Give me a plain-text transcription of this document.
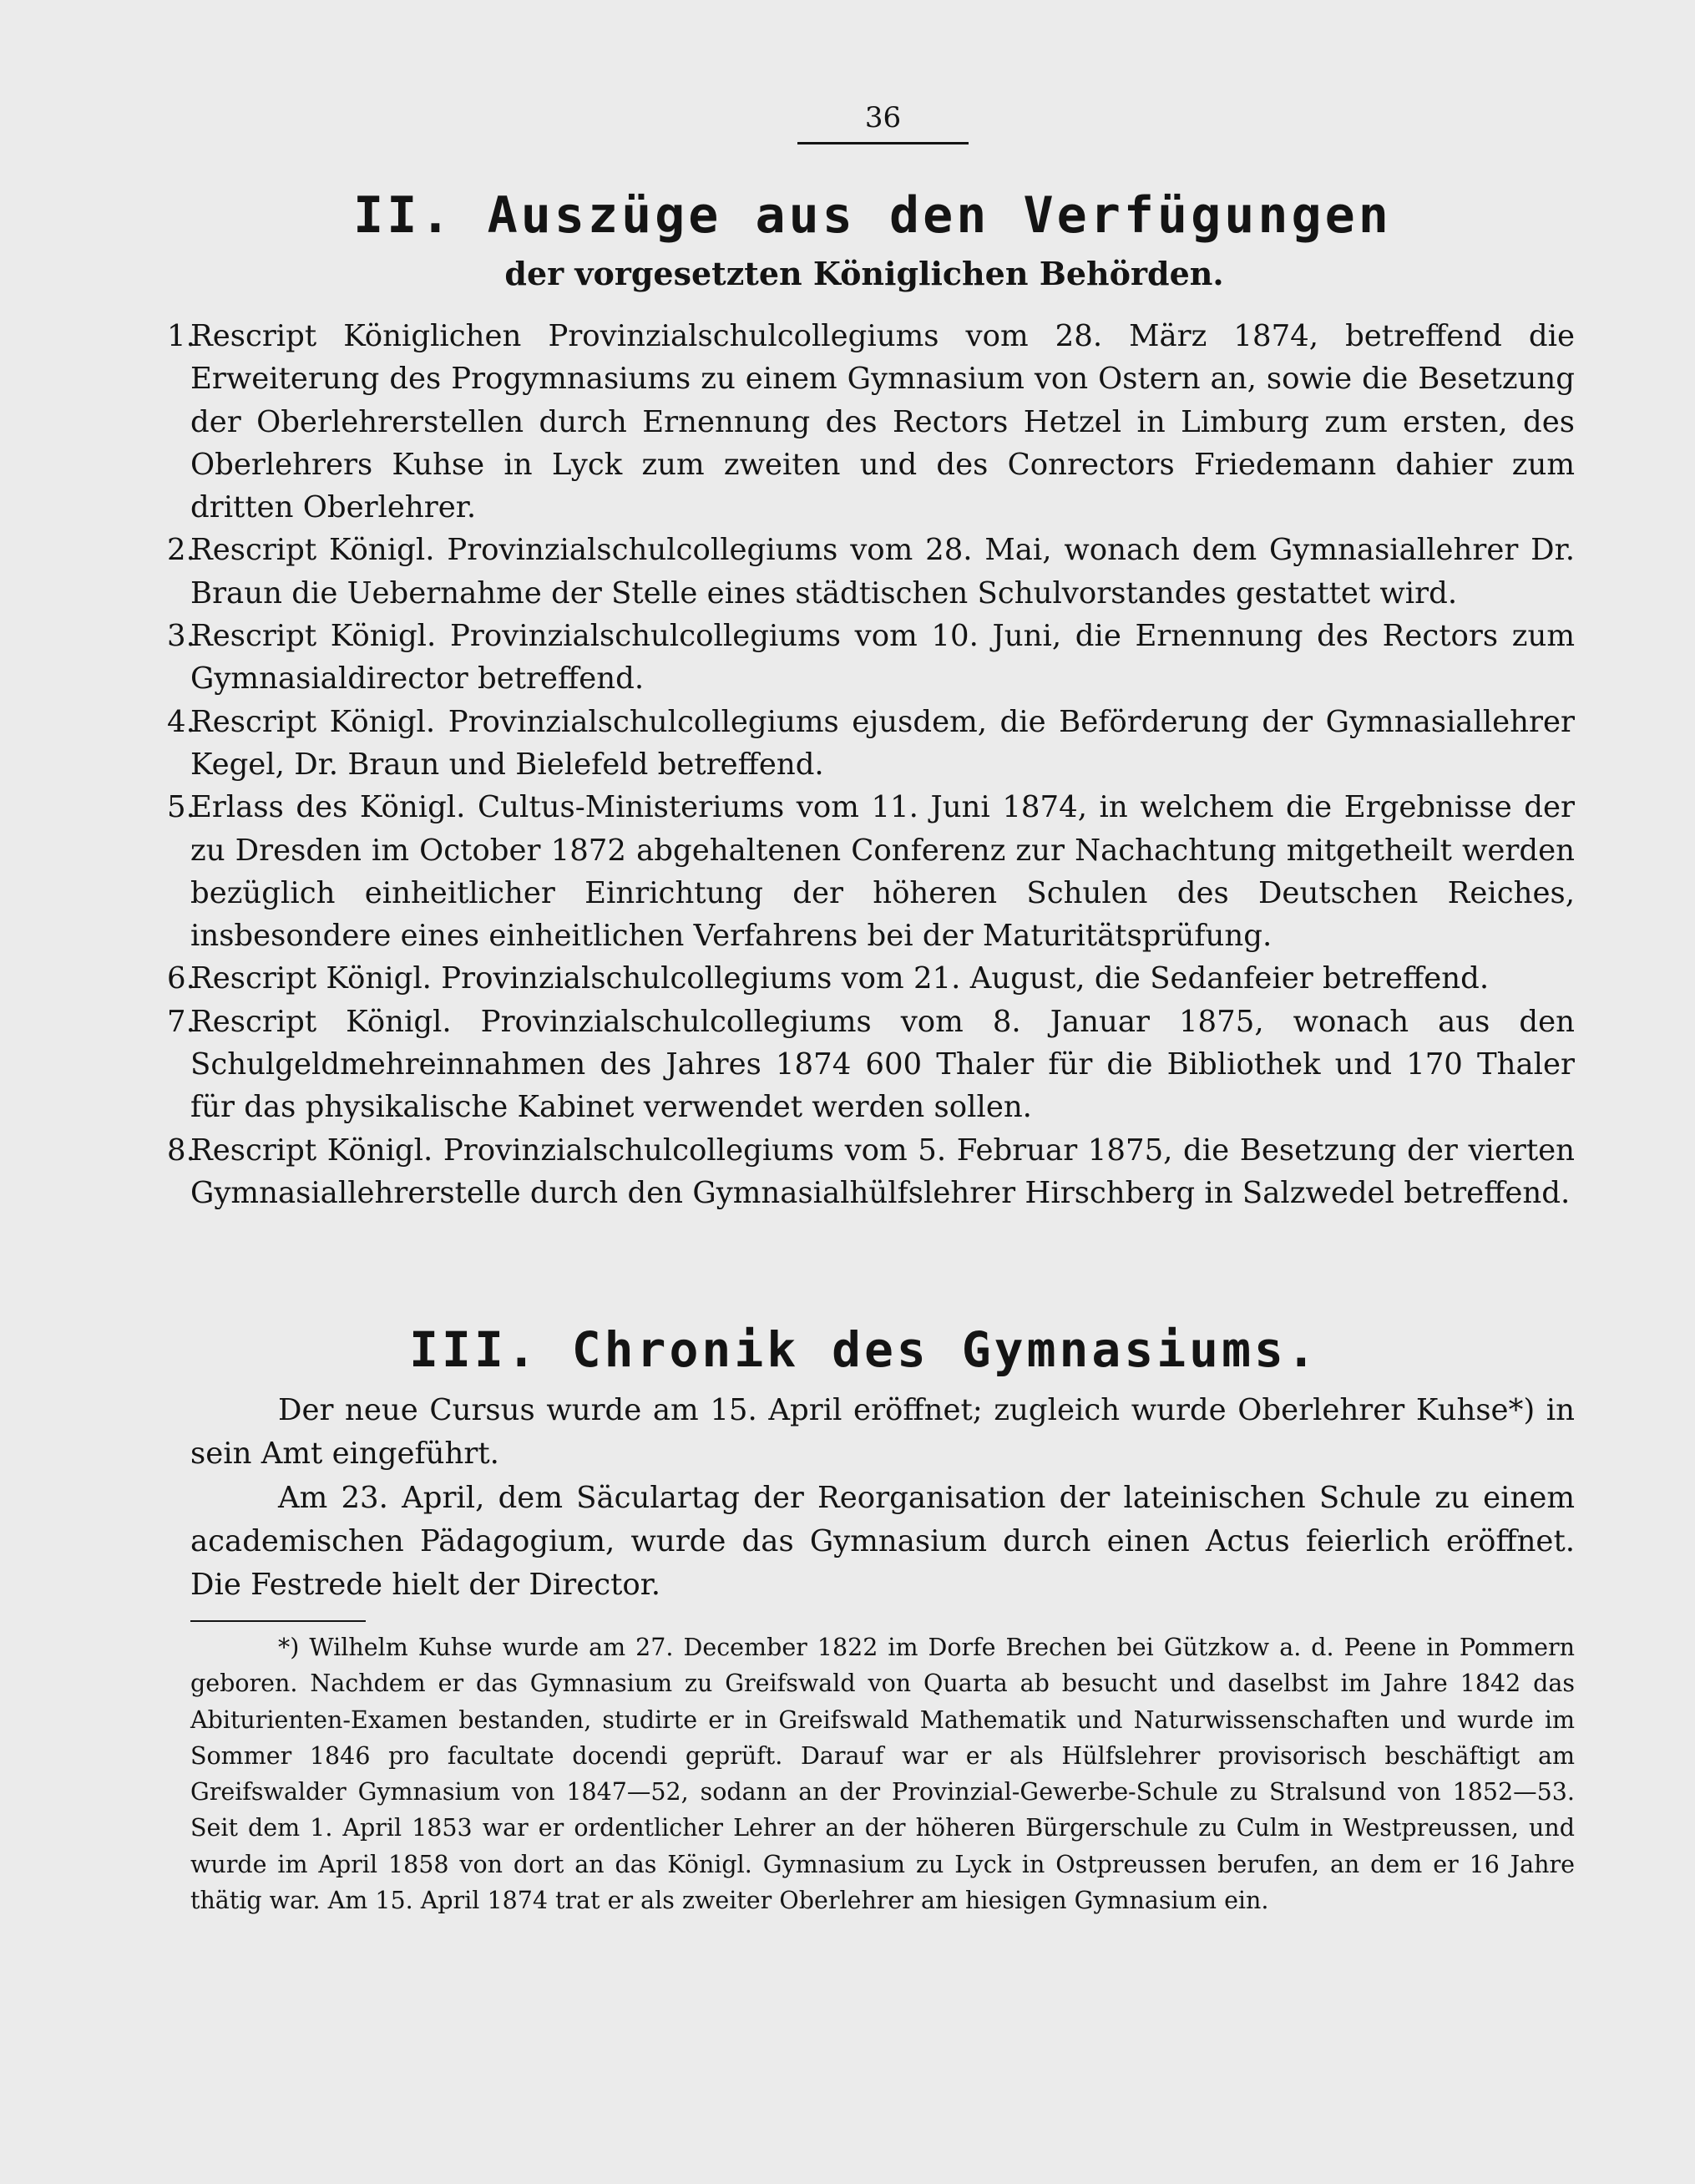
36
II. Auszüge aus den Verfügungen
der vorgesetzten Königlichen Behörden.
1.
Rescript Königlichen Provinzialschulcollegiums vom 28. März 1874, betreffend die Erweiterung des Progymnasiums zu einem Gymnasium von Ostern an, sowie die Besetzung der Oberlehrerstellen durch Ernennung des Rectors Hetzel in Limburg zum ersten, des Oberlehrers Kuhse in Lyck zum zweiten und des Conrectors Friedemann dahier zum dritten Oberlehrer.
2.
Rescript Königl. Provinzialschulcollegiums vom 28. Mai, wonach dem Gymnasiallehrer Dr. Braun die Uebernahme der Stelle eines städtischen Schulvorstandes gestattet wird.
3.
Rescript Königl. Provinzialschulcollegiums vom 10. Juni, die Ernennung des Rectors zum Gymnasialdirector betreffend.
4.
Rescript Königl. Provinzialschulcollegiums ejusdem, die Beförderung der Gymnasiallehrer Kegel, Dr. Braun und Bielefeld betreffend.
5.
Erlass des Königl. Cultus-Ministeriums vom 11. Juni 1874, in welchem die Ergebnisse der zu Dresden im October 1872 abgehaltenen Conferenz zur Nachachtung mitgetheilt werden bezüglich einheitlicher Einrichtung der höheren Schulen des Deutschen Reiches, insbesondere eines einheitlichen Verfahrens bei der Maturitätsprüfung.
6.
Rescript Königl. Provinzialschulcollegiums vom 21. August, die Sedanfeier betreffend.
7.
Rescript Königl. Provinzialschulcollegiums vom 8. Januar 1875, wonach aus den Schulgeldmehreinnahmen des Jahres 1874 600 Thaler für die Bibliothek und 170 Thaler für das physikalische Kabinet verwendet werden sollen.
8.
Rescript Königl. Provinzialschulcollegiums vom 5. Februar 1875, die Besetzung der vierten Gymnasiallehrerstelle durch den Gymnasialhülfslehrer Hirschberg in Salzwedel betreffend.
III. Chronik des Gymnasiums.

Der neue Cursus wurde am 15. April eröffnet; zugleich wurde Oberlehrer Kuhse*) in sein Amt eingeführt.

Am 23. April, dem Säculartag der Reorganisation der lateinischen Schule zu einem academischen Pädagogium, wurde das Gymnasium durch einen Actus feierlich eröffnet. Die Festrede hielt der Director.

*) Wilhelm Kuhse wurde am 27. December 1822 im Dorfe Brechen bei Gützkow a. d. Peene in Pommern geboren. Nachdem er das Gymnasium zu Greifswald von Quarta ab besucht und daselbst im Jahre 1842 das Abiturienten-Examen bestanden, studirte er in Greifswald Mathematik und Naturwissenschaften und wurde im Sommer 1846 pro facultate docendi geprüft. Darauf war er als Hülfslehrer provisorisch beschäftigt am Greifswalder Gymnasium von 1847—52, sodann an der Provinzial-Gewerbe-Schule zu Stralsund von 1852—53. Seit dem 1. April 1853 war er ordentlicher Lehrer an der höheren Bürgerschule zu Culm in Westpreussen, und wurde im April 1858 von dort an das Königl. Gymnasium zu Lyck in Ostpreussen berufen, an dem er 16 Jahre thätig war. Am 15. April 1874 trat er als zweiter Oberlehrer am hiesigen Gymnasium ein.
